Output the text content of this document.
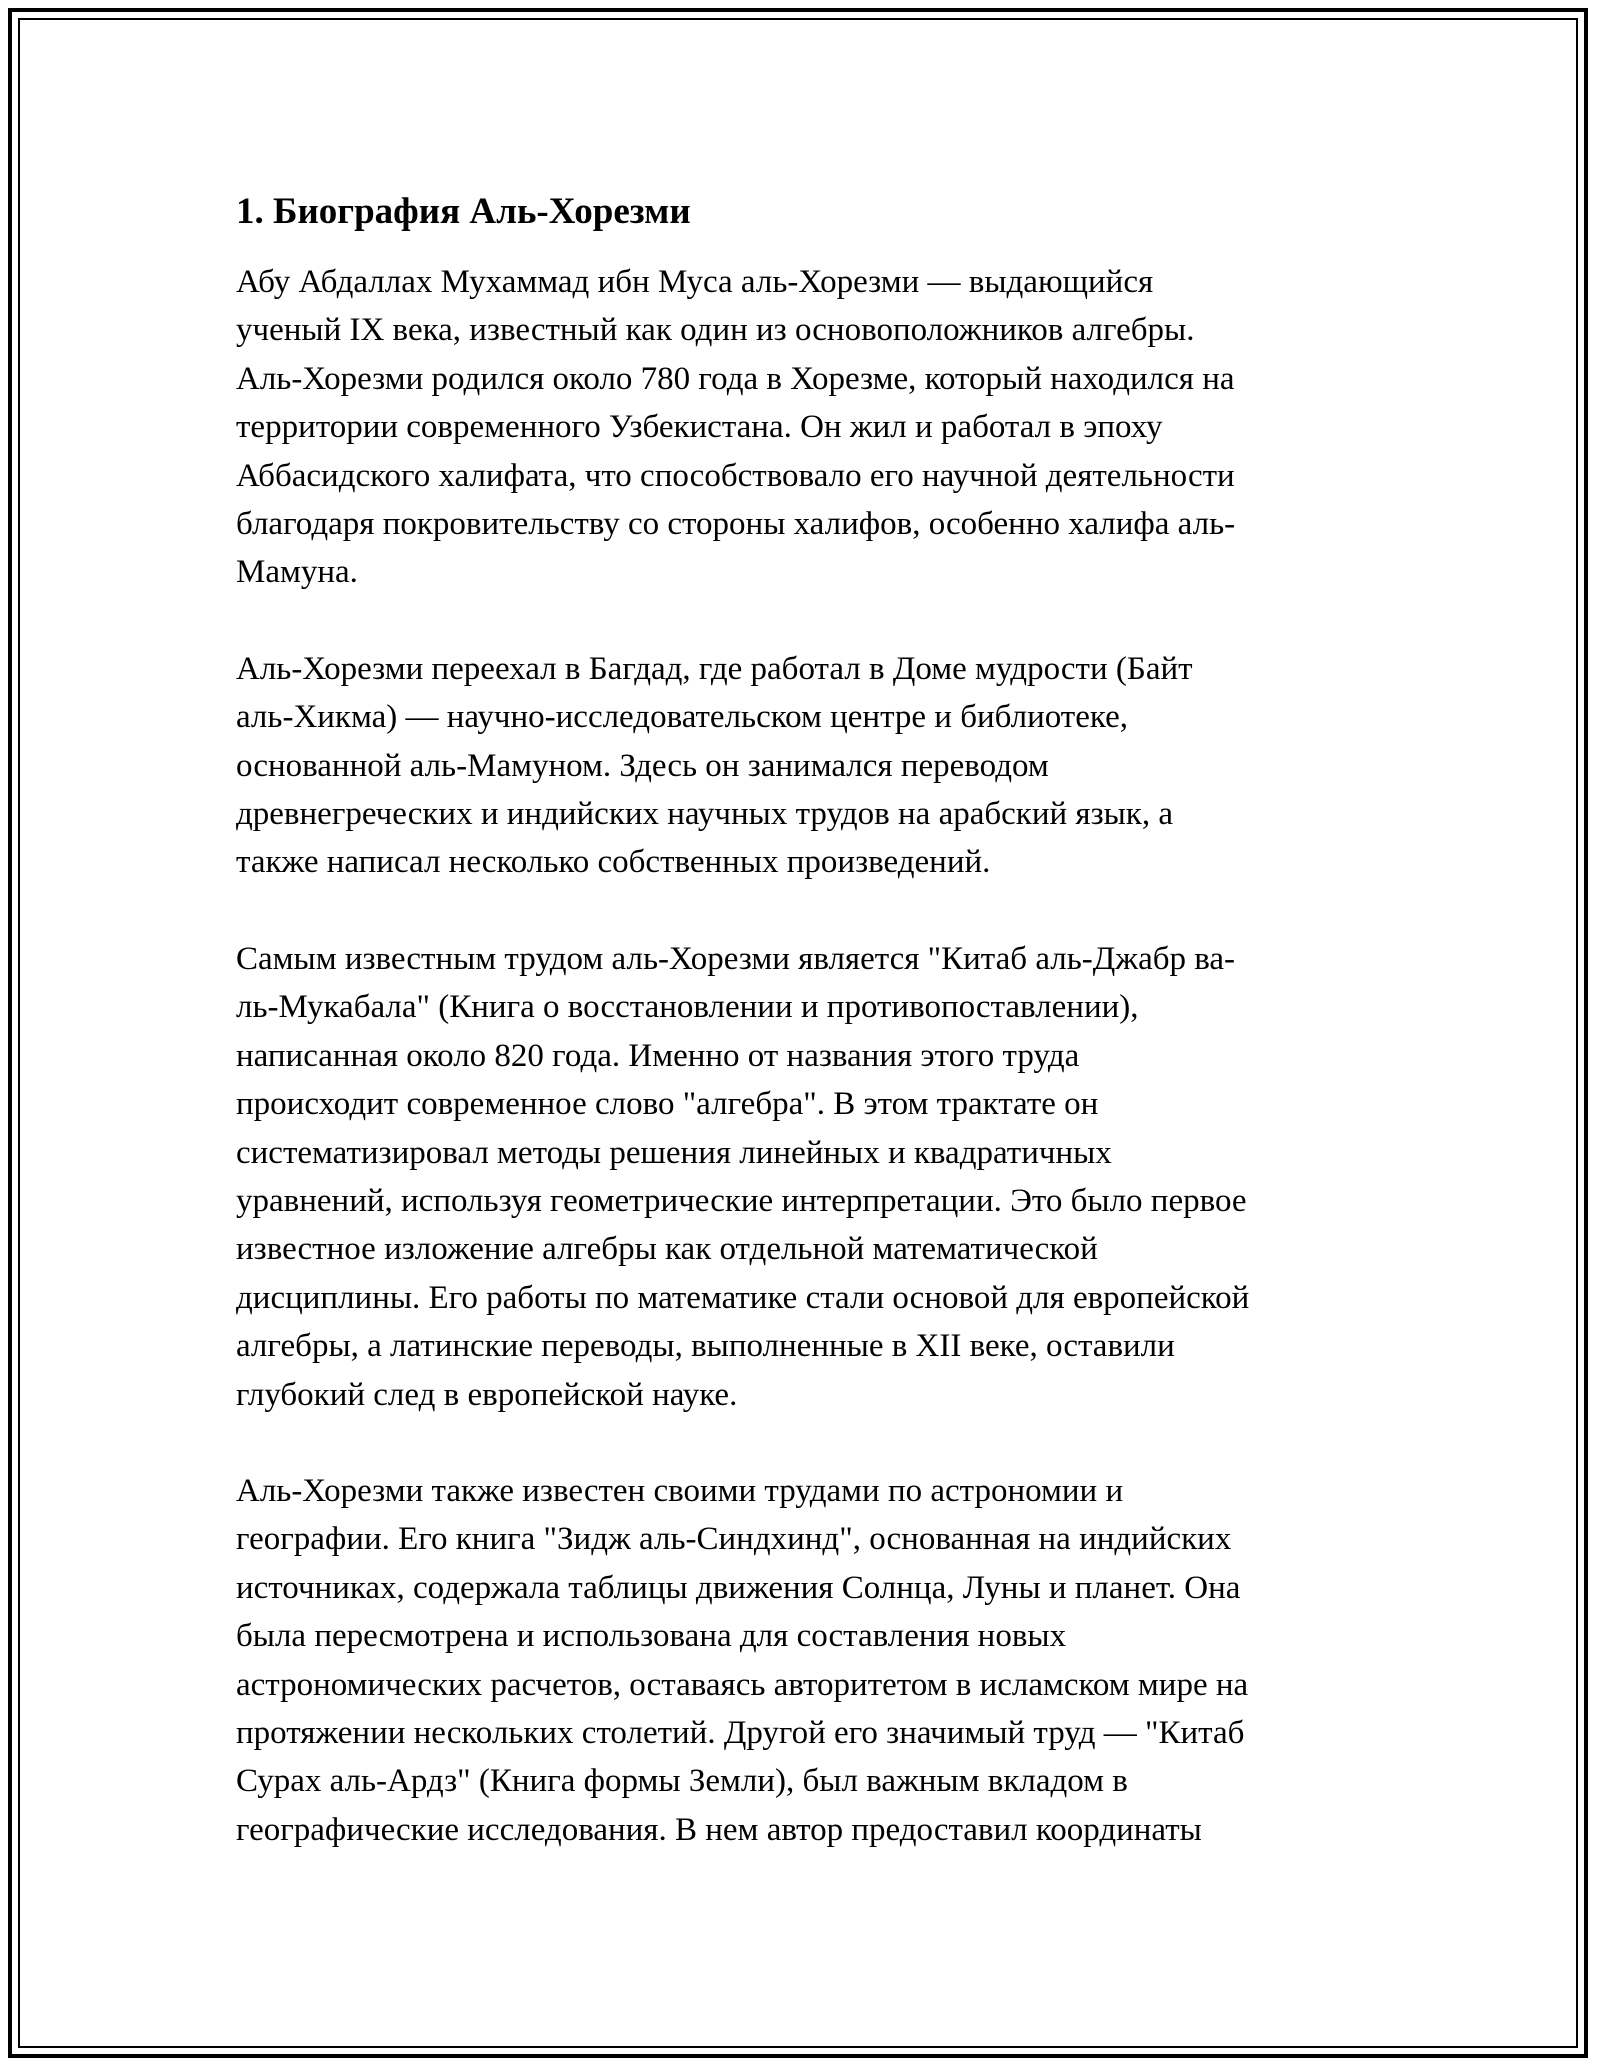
1. Биография Аль-Хорезми

Абу Абдаллах Мухаммад ибн Муса аль-Хорезми — выдающийся
ученый IX века, известный как один из основоположников алгебры.
Аль-Хорезми родился около 780 года в Хорезме, который находился на
территории современного Узбекистана. Он жил и работал в эпоху
Аббасидского халифата, что способствовало его научной деятельности
благодаря покровительству со стороны халифов, особенно халифа аль-
Мамуна.

Аль-Хорезми переехал в Багдад, где работал в Доме мудрости (Байт
аль-Хикма) — научно-исследовательском центре и библиотеке,
основанной аль-Мамуном. Здесь он занимался переводом
древнегреческих и индийских научных трудов на арабский язык, а
также написал несколько собственных произведений.

Самым известным трудом аль-Хорезми является "Китаб аль-Джабр ва-
ль-Мукабала" (Книга о восстановлении и противопоставлении),
написанная около 820 года. Именно от названия этого труда
происходит современное слово "алгебра". В этом трактате он
систематизировал методы решения линейных и квадратичных
уравнений, используя геометрические интерпретации. Это было первое
известное изложение алгебры как отдельной математической
дисциплины. Его работы по математике стали основой для европейской
алгебры, а латинские переводы, выполненные в XII веке, оставили
глубокий след в европейской науке.

Аль-Хорезми также известен своими трудами по астрономии и
географии. Его книга "Зидж аль-Синдхинд", основанная на индийских
источниках, содержала таблицы движения Солнца, Луны и планет. Она
была пересмотрена и использована для составления новых
астрономических расчетов, оставаясь авторитетом в исламском мире на
протяжении нескольких столетий. Другой его значимый труд — "Китаб
Сурах аль-Ардз" (Книга формы Земли), был важным вкладом в
географические исследования. В нем автор предоставил координаты
